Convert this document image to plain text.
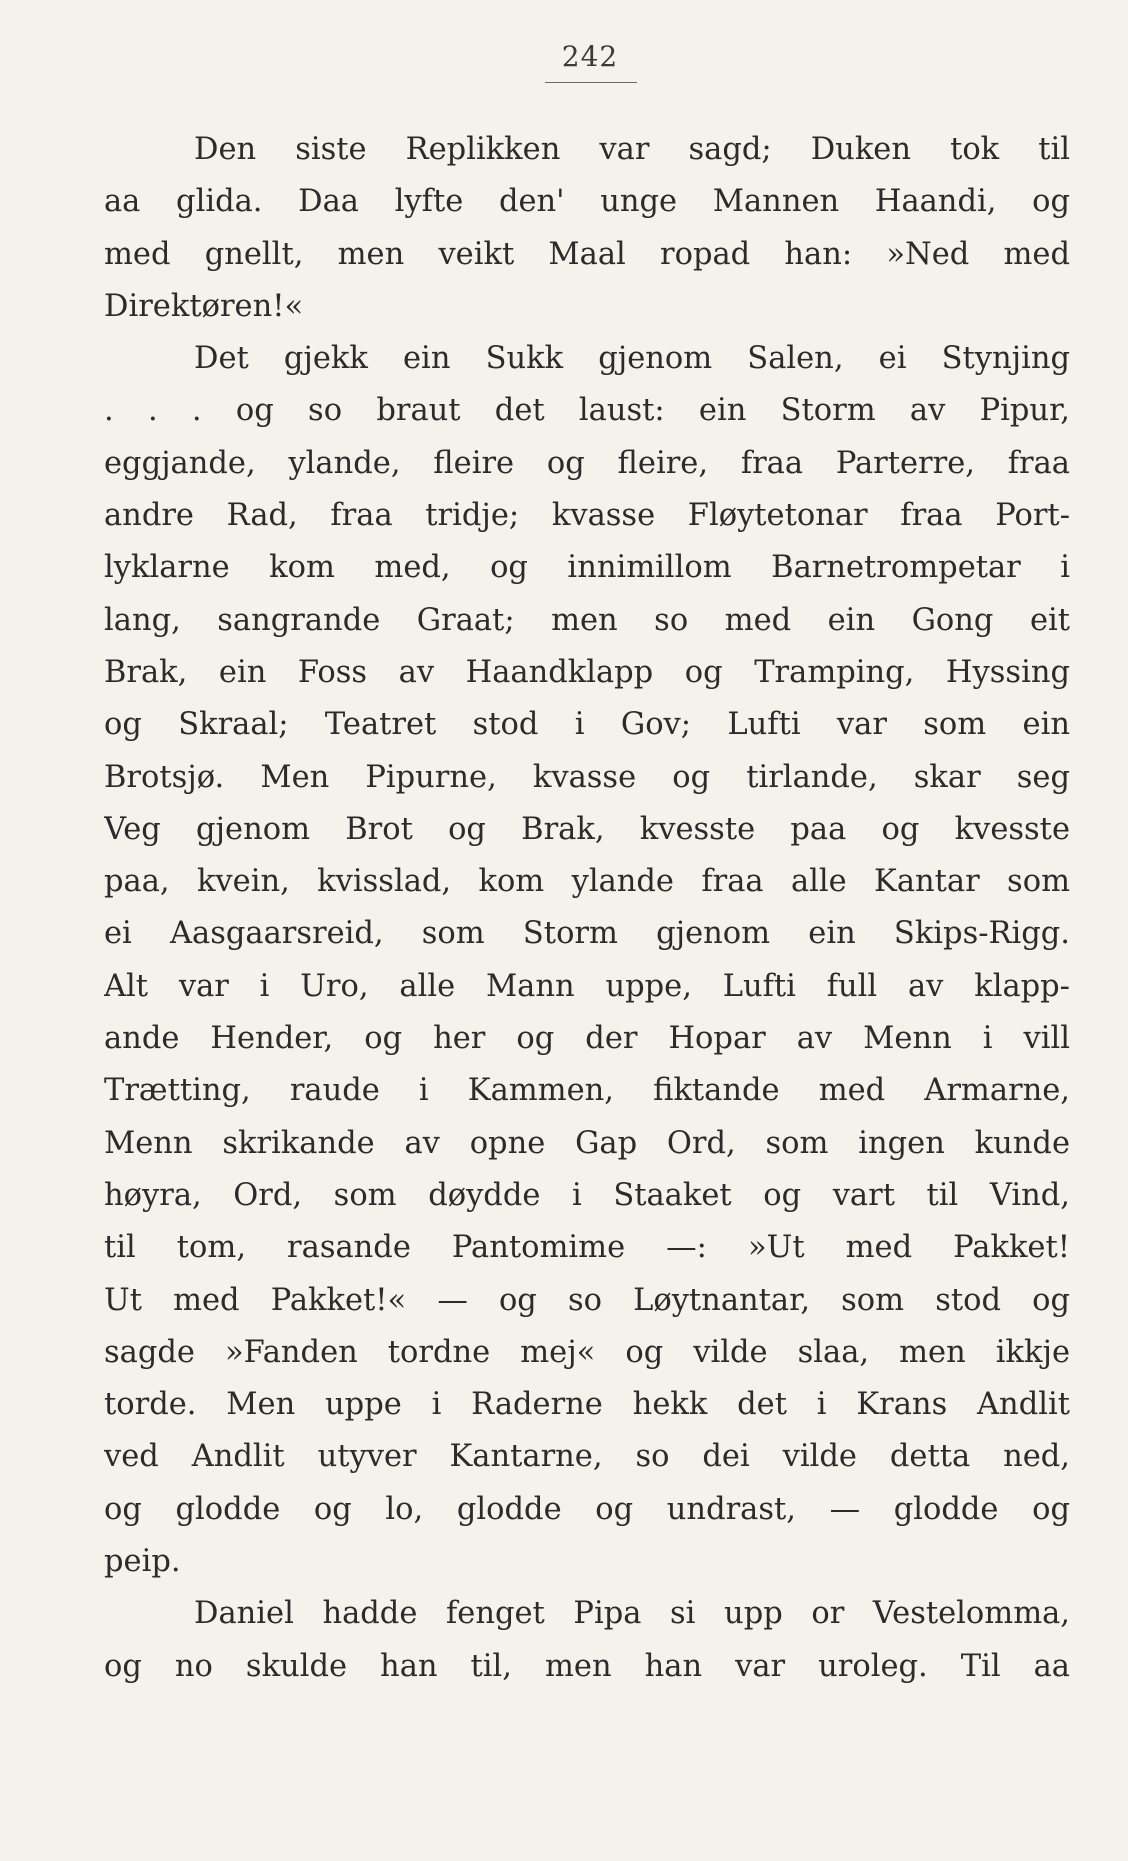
242
Den siste Replikken var sagd; Duken tok til
aa glida. Daa lyfte den' unge Mannen Haandi, og
med gnellt, men veikt Maal ropad han: »Ned med
Direktøren!«
Det gjekk ein Sukk gjenom Salen, ei Stynjing
. . . og so braut det laust: ein Storm av Pipur,
eggjande, ylande, fleire og fleire, fraa Parterre, fraa
andre Rad, fraa tridje; kvasse Fløytetonar fraa Port-
lyklarne kom med, og innimillom Barnetrompetar i
lang, sangrande Graat; men so med ein Gong eit
Brak, ein Foss av Haandklapp og Tramping, Hyssing
og Skraal; Teatret stod i Gov; Lufti var som ein
Brotsjø. Men Pipurne, kvasse og tirlande, skar seg
Veg gjenom Brot og Brak, kvesste paa og kvesste
paa, kvein, kvisslad, kom ylande fraa alle Kantar som
ei Aasgaarsreid, som Storm gjenom ein Skips-Rigg.
Alt var i Uro, alle Mann uppe, Lufti full av klapp-
ande Hender, og her og der Hopar av Menn i vill
Trætting, raude i Kammen, fiktande med Armarne,
Menn skrikande av opne Gap Ord, som ingen kunde
høyra, Ord, som døydde i Staaket og vart til Vind,
til tom, rasande Pantomime —: »Ut med Pakket!
Ut med Pakket!« — og so Løytnantar, som stod og
sagde »Fanden tordne mej« og vilde slaa, men ikkje
torde. Men uppe i Raderne hekk det i Krans Andlit
ved Andlit utyver Kantarne, so dei vilde detta ned,
og glodde og lo, glodde og undrast, — glodde og
peip.
Daniel hadde fenget Pipa si upp or Vestelomma,
og no skulde han til, men han var uroleg. Til aa
